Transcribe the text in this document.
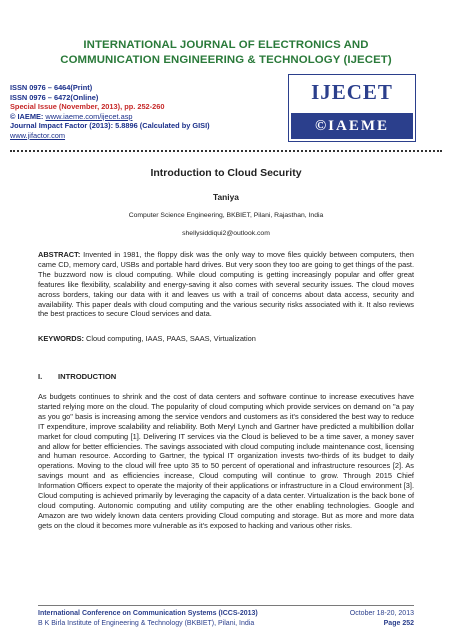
INTERNATIONAL JOURNAL OF ELECTRONICS AND
COMMUNICATION ENGINEERING & TECHNOLOGY (IJECET)
ISSN 0976 – 6464(Print)
ISSN 0976 – 6472(Online)
Special Issue (November, 2013), pp. 252-260
© IAEME: www.iaeme.com/ijecet.asp
Journal Impact Factor (2013): 5.8896 (Calculated by GISI)
www.jifactor.com
IJECET
©IAEME
Introduction to Cloud Security
Taniya
Computer Science Engineering, BKBIET, Pilani, Rajasthan, India
shellysiddiqui2@outlook.com
ABSTRACT: Invented in 1981, the floppy disk was the only way to move files quickly between computers, then came CD, memory card, USBs and portable hard drives. But very soon they too are going to get things of the past. The buzzword now is cloud computing. While cloud computing is getting increasingly popular and offer great features like flexibility, scalability and energy-saving it also comes with several security issues. The cloud moves across borders, taking our data with it and leaves us with a trail of concerns about data access, security and availability. This paper deals with cloud computing and the various security risks associated with it. It also reviews the best practices to secure Cloud services and data.
KEYWORDS: Cloud computing, IAAS, PAAS, SAAS, Virtualization
I. INTRODUCTION
As budgets continues to shrink and the cost of data centers and software continue to increase executives have started relying more on the cloud. The popularity of cloud computing which provide services on demand on "a pay as you go" basis is increasing among the service vendors and customers as it's considered the best way to reduce IT expenditure, improve scalability and reliability. Both Meryl Lynch and Gartner have predicted a multibillion dollar market for cloud computing [1]. Delivering IT services via the Cloud is believed to be a time saver, a money saver and allow for better efficiencies. The savings associated with cloud computing include maintenance cost, licensing and human resource. According to Gartner, the typical IT organization invests two-thirds of its budget to daily operations. Moving to the cloud will free upto 35 to 50 percent of operational and infrastructure resources [2]. As savings mount and as efficiencies increase, Cloud computing will continue to grow. Through 2015 Chief Information Officers expect to operate the majority of their applications or infrastructure in a Cloud environment [3]. Cloud computing is achieved primarily by leveraging the capacity of a data center. Virtualization is the back bone of cloud computing. Autonomic computing and utility computing are the other enabling technologies. Google and Amazon are two widely known data centers providing Cloud computing and storage. But as more and more data gets on the cloud it becomes more vulnerable as it's exposed to hacking and various other risks.
International Conference on Communication Systems (ICCS-2013)
B K Birla Institute of Engineering & Technology (BKBIET), Pilani, India
October 18-20, 2013
Page 252
